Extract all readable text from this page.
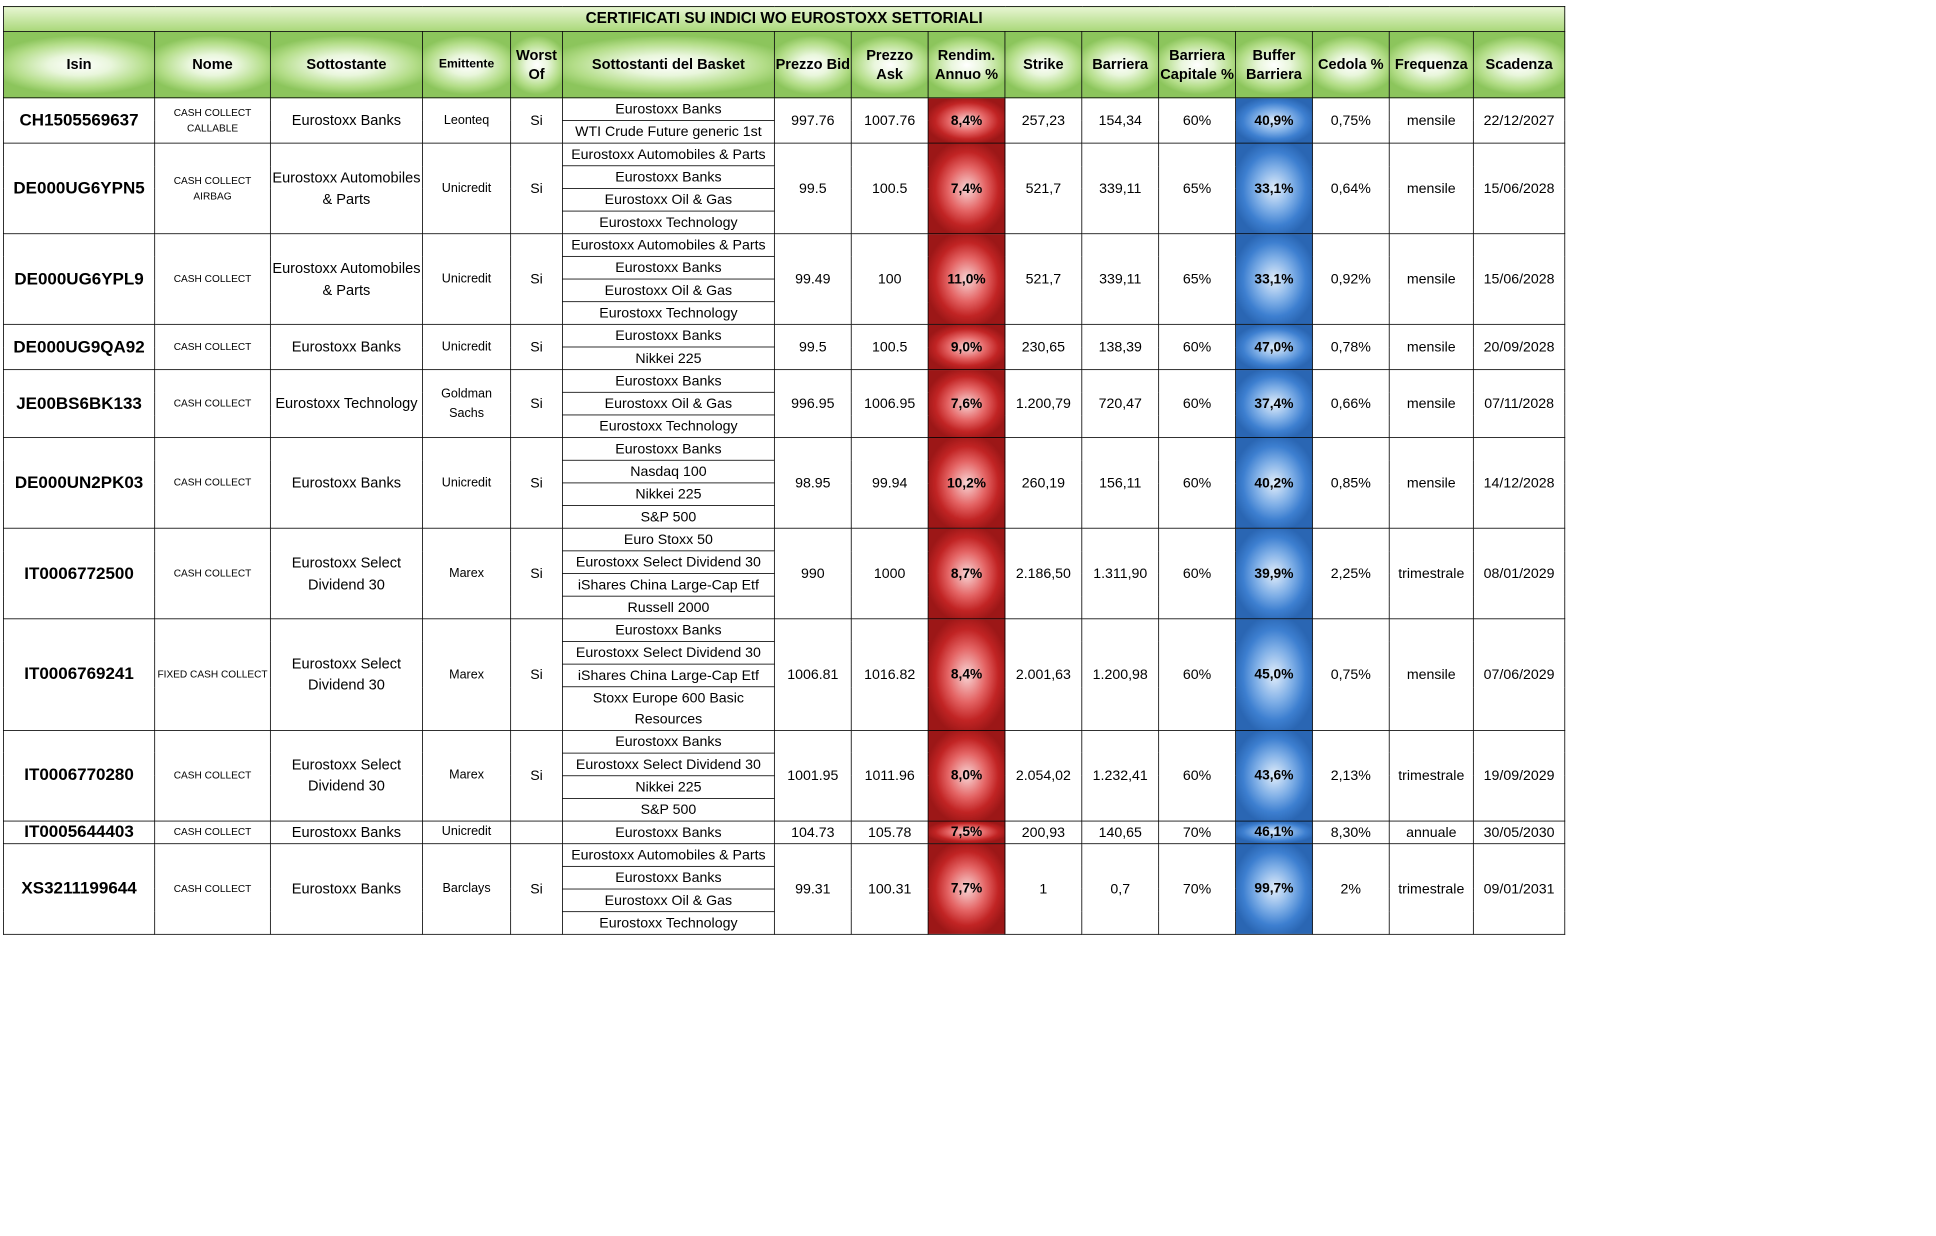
CERTIFICATI SU INDICI WO EUROSTOXX SETTORIALI															
Isin	Nome	Sottostante	Emittente	Worst Of	Sottostanti del Basket	Prezzo Bid	Prezzo Ask	Rendim. Annuo %	Strike	Barriera	Barriera Capitale %	Buffer Barriera	Cedola %	Frequenza	Scadenza
CH1505569637	CASH COLLECT CALLABLE	Eurostoxx Banks	Leonteq	Si	Eurostoxx Banks	997.76	1007.76	8,4%	257,23	154,34	60%	40,9%	0,75%	mensile	22/12/2027
					WTI Crude Future generic 1st										
DE000UG6YPN5	CASH COLLECT AIRBAG	Eurostoxx Automobiles & Parts	Unicredit	Si	Eurostoxx Automobiles & Parts	99.5	100.5	7,4%	521,7	339,11	65%	33,1%	0,64%	mensile	15/06/2028
					Eurostoxx Banks										
					Eurostoxx Oil & Gas										
					Eurostoxx Technology										
DE000UG6YPL9	CASH COLLECT	Eurostoxx Automobiles & Parts	Unicredit	Si	Eurostoxx Automobiles & Parts	99.49	100	11,0%	521,7	339,11	65%	33,1%	0,92%	mensile	15/06/2028
					Eurostoxx Banks										
					Eurostoxx Oil & Gas										
					Eurostoxx Technology										
DE000UG9QA92	CASH COLLECT	Eurostoxx Banks	Unicredit	Si	Eurostoxx Banks	99.5	100.5	9,0%	230,65	138,39	60%	47,0%	0,78%	mensile	20/09/2028
					Nikkei 225										
JE00BS6BK133	CASH COLLECT	Eurostoxx Technology	Goldman Sachs	Si	Eurostoxx Banks	996.95	1006.95	7,6%	1.200,79	720,47	60%	37,4%	0,66%	mensile	07/11/2028
					Eurostoxx Oil & Gas										
					Eurostoxx Technology										
DE000UN2PK03	CASH COLLECT	Eurostoxx Banks	Unicredit	Si	Eurostoxx Banks	98.95	99.94	10,2%	260,19	156,11	60%	40,2%	0,85%	mensile	14/12/2028
					Nasdaq 100										
					Nikkei 225										
					S&P 500										
IT0006772500	CASH COLLECT	Eurostoxx Select Dividend 30	Marex	Si	Euro Stoxx 50	990	1000	8,7%	2.186,50	1.311,90	60%	39,9%	2,25%	trimestrale	08/01/2029
					Eurostoxx Select Dividend 30										
					iShares China Large-Cap Etf										
					Russell 2000										
IT0006769241	FIXED CASH COLLECT	Eurostoxx Select Dividend 30	Marex	Si	Eurostoxx Banks	1006.81	1016.82	8,4%	2.001,63	1.200,98	60%	45,0%	0,75%	mensile	07/06/2029
					Eurostoxx Select Dividend 30										
					iShares China Large-Cap Etf										
					Stoxx Europe 600 Basic Resources										
IT0006770280	CASH COLLECT	Eurostoxx Select Dividend 30	Marex	Si	Eurostoxx Banks	1001.95	1011.96	8,0%	2.054,02	1.232,41	60%	43,6%	2,13%	trimestrale	19/09/2029
					Eurostoxx Select Dividend 30										
					Nikkei 225										
					S&P 500										
IT0005644403	CASH COLLECT	Eurostoxx Banks	Unicredit		Eurostoxx Banks	104.73	105.78	7,5%	200,93	140,65	70%	46,1%	8,30%	annuale	30/05/2030
XS3211199644	CASH COLLECT	Eurostoxx Banks	Barclays	Si	Eurostoxx Automobiles & Parts	99.31	100.31	7,7%	1	0,7	70%	99,7%	2%	trimestrale	09/01/2031
					Eurostoxx Banks										
					Eurostoxx Oil & Gas										
					Eurostoxx Technology										
